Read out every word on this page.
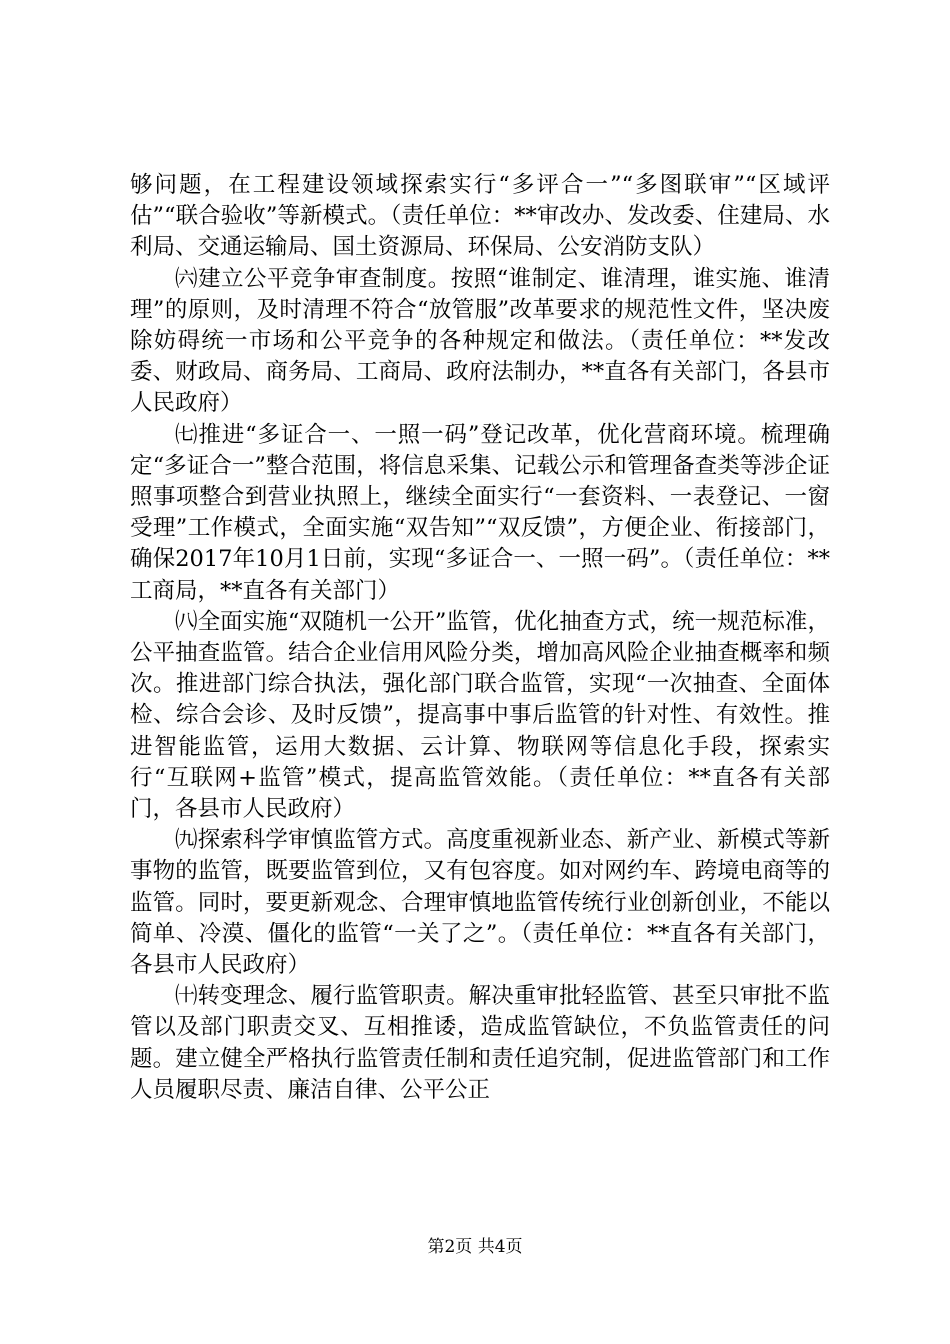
够问题，在工程建设领域探索实行“多评合一”“多图联审”“区域评估”“联合验收”等新模式。（责任单位：**审改办、发改委、住建局、水利局、交通运输局、国土资源局、环保局、公安消防支队）

㈥建立公平竞争审查制度。按照“谁制定、谁清理，谁实施、谁清理”的原则，及时清理不符合“放管服”改革要求的规范性文件，坚决废除妨碍统一市场和公平竞争的各种规定和做法。（责任单位：**发改委、财政局、商务局、工商局、政府法制办，**直各有关部门，各县市人民政府）

㈦推进“多证合一、一照一码”登记改革，优化营商环境。梳理确定“多证合一”整合范围，将信息采集、记载公示和管理备查类等涉企证照事项整合到营业执照上，继续全面实行“一套资料、一表登记、一窗受理”工作模式，全面实施“双告知”“双反馈”，方便企业、衔接部门，确保2017年10月1日前，实现“多证合一、一照一码”。（责任单位：**工商局，**直各有关部门）

㈧全面实施“双随机一公开”监管，优化抽查方式，统一规范标准，公平抽查监管。结合企业信用风险分类，增加高风险企业抽查概率和频次。推进部门综合执法，强化部门联合监管，实现“一次抽查、全面体检、综合会诊、及时反馈”，提高事中事后监管的针对性、有效性。推进智能监管，运用大数据、云计算、物联网等信息化手段，探索实行“互联网+监管”模式，提高监管效能。（责任单位：**直各有关部门，各县市人民政府）

㈨探索科学审慎监管方式。高度重视新业态、新产业、新模式等新事物的监管，既要监管到位，又有包容度。如对网约车、跨境电商等的监管。同时，要更新观念、合理审慎地监管传统行业创新创业，不能以简单、冷漠、僵化的监管“一关了之”。（责任单位：**直各有关部门，各县市人民政府）

㈩转变理念、履行监管职责。解决重审批轻监管、甚至只审批不监管以及部门职责交叉、互相推诿，造成监管缺位，不负监管责任的问题。建立健全严格执行监管责任制和责任追究制，促进监管部门和工作人员履职尽责、廉洁自律、公平公正

第2页 共4页
